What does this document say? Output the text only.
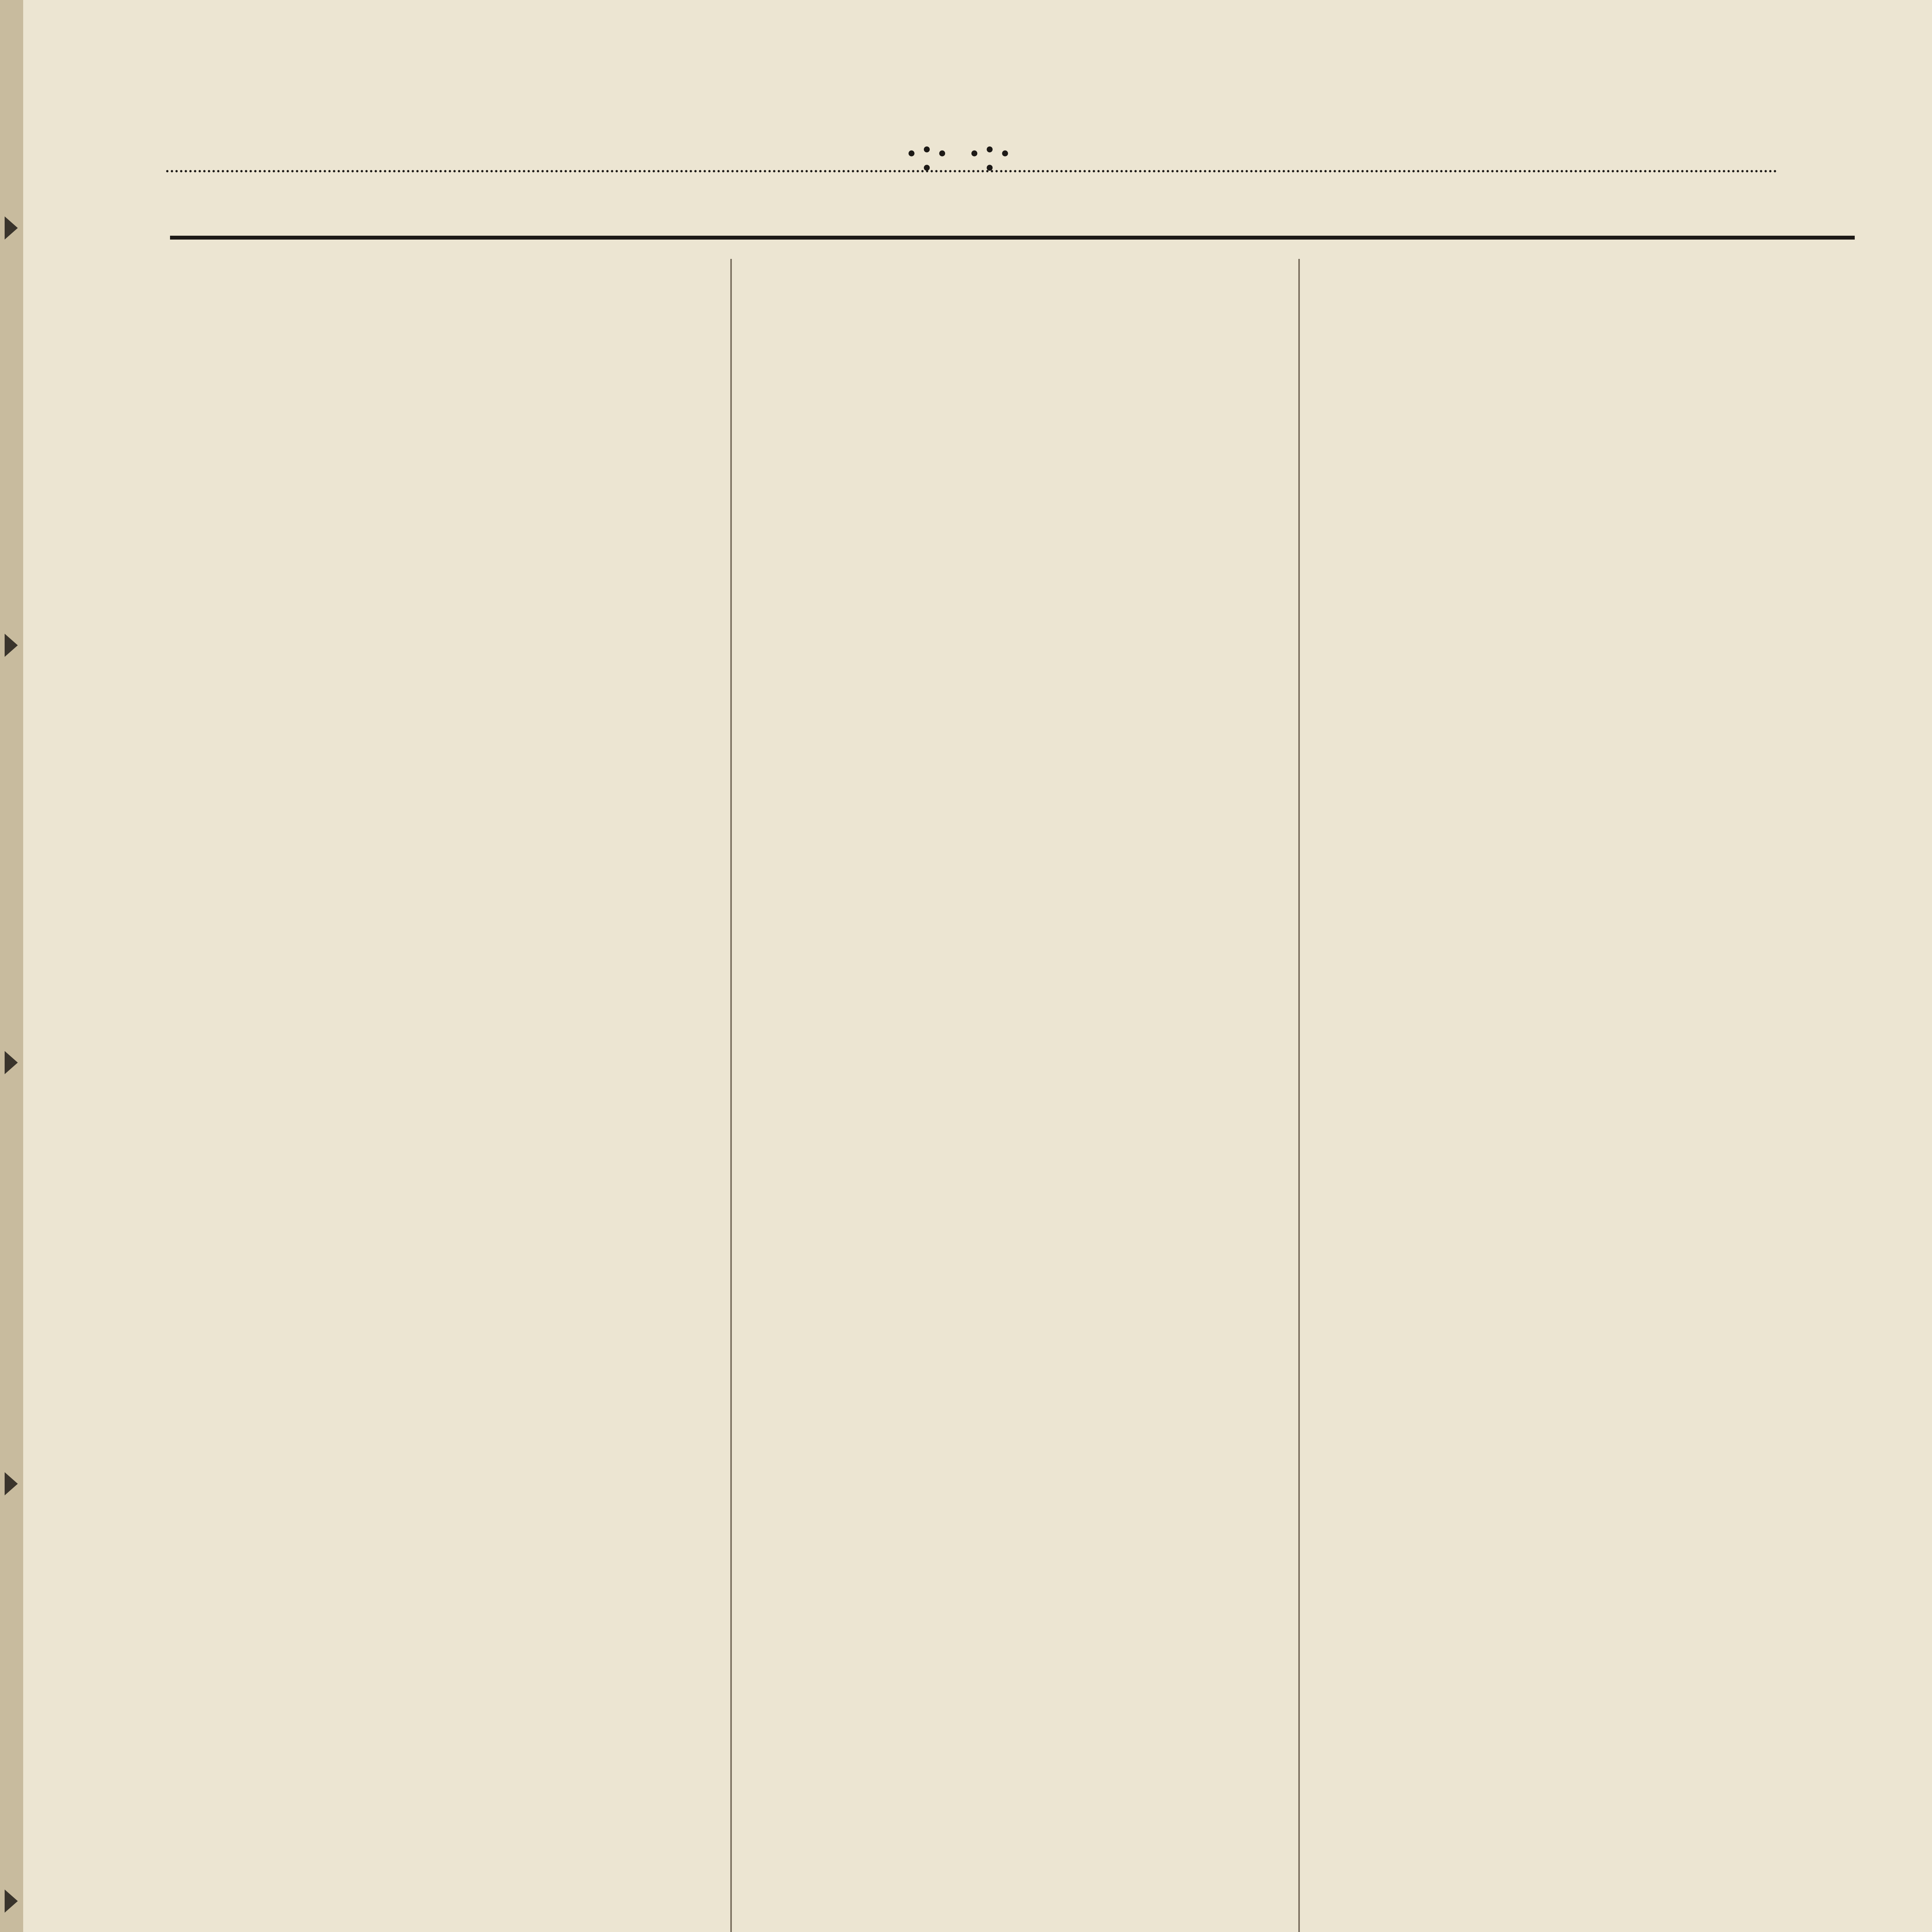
·:· ·:·
